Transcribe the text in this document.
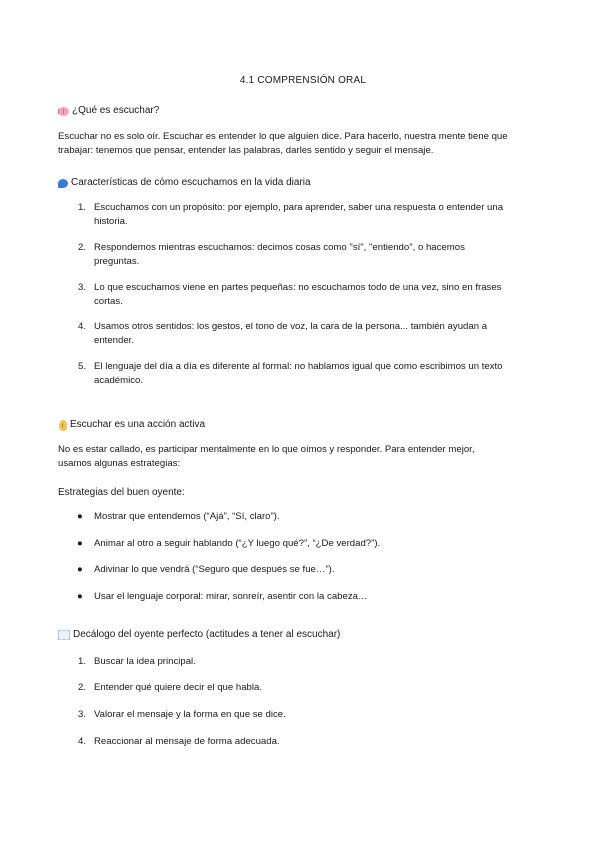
4.1 COMPRENSIÓN ORAL
¿Qué es escuchar?
Escuchar no es solo oír. Escuchar es entender lo que alguien dice. Para hacerlo, nuestra mente tiene que
trabajar: tenemos que pensar, entender las palabras, darles sentido y seguir el mensaje.
Características de cómo escuchamos en la vida diaria
1. Escuchamos con un propósito: por ejemplo, para aprender, saber una respuesta o entender una
historia.
2. Respondemos mientras escuchamos: decimos cosas como "sí", "entiendo", o hacemos
preguntas.
3. Lo que escuchamos viene en partes pequeñas: no escuchamos todo de una vez, sino en frases
cortas.
4. Usamos otros sentidos: los gestos, el tono de voz, la cara de la persona... también ayudan a
entender.
5. El lenguaje del día a día es diferente al formal: no hablamos igual que como escribimos un texto
académico.
Escuchar es una acción activa
No es estar callado, es participar mentalmente en lo que oímos y responder. Para entender mejor,
usamos algunas estrategias:
Estrategias del buen oyente:
● Mostrar que entendemos (“Ajá”, “Sí, claro”).
● Animar al otro a seguir hablando (“¿Y luego qué?”, “¿De verdad?”).
● Adivinar lo que vendrá (“Seguro que después se fue…”).
● Usar el lenguaje corporal: mirar, sonreír, asentir con la cabeza…
Decálogo del oyente perfecto (actitudes a tener al escuchar)
1. Buscar la idea principal.
2. Entender qué quiere decir el que habla.
3. Valorar el mensaje y la forma en que se dice.
4. Reaccionar al mensaje de forma adecuada.
